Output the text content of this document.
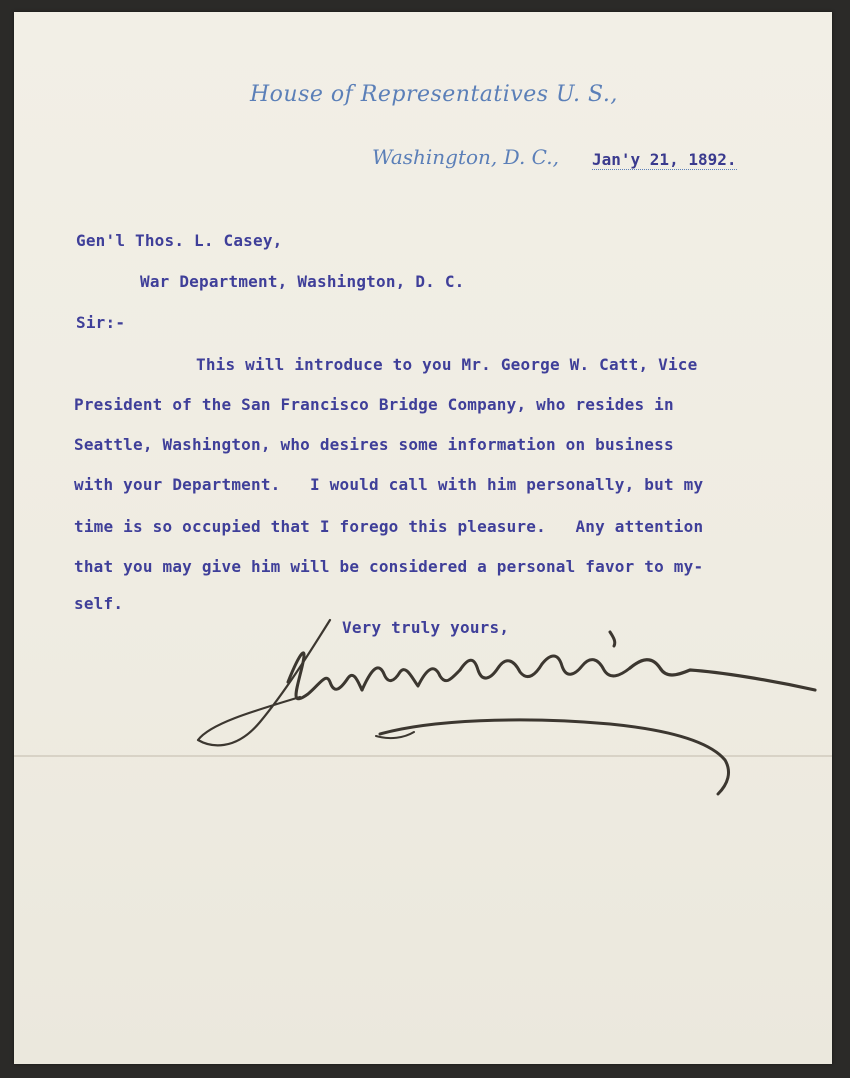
House of Representatives U. S.,
Washington, D. C., Jan'y 21, 1892.
Gen'l Thos. L. Casey,
War Department, Washington, D. C.
Sir:-
This will introduce to you Mr. George W. Catt, Vice
President of the San Francisco Bridge Company, who resides in
Seattle, Washington, who desires some information on business
with your Department.   I would call with him personally, but my
time is so occupied that I forego this pleasure.   Any attention
that you may give him will be considered a personal favor to my-
self.
Very truly yours,
